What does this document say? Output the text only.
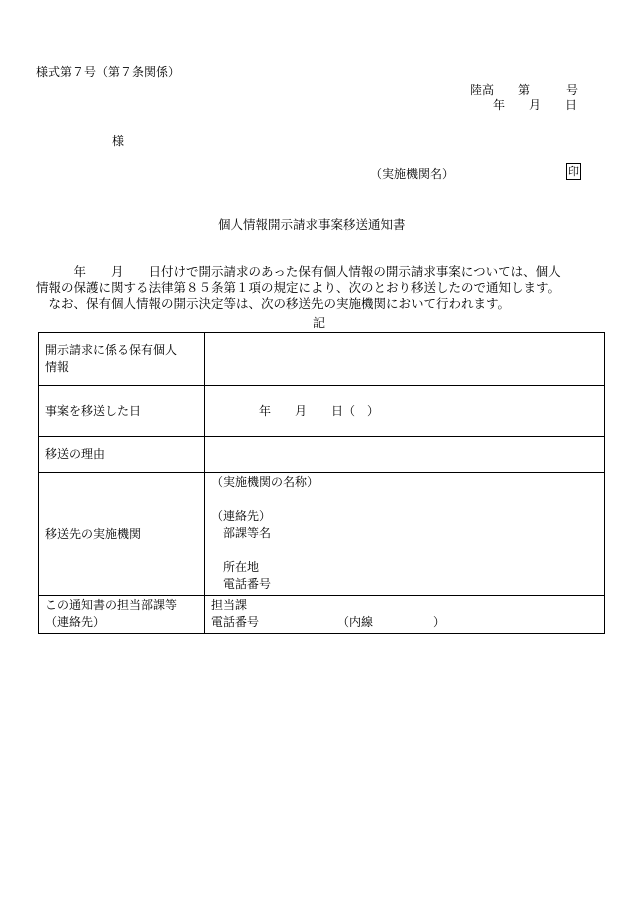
様式第７号（第７条関係）
陸高　　第　　　号
年　　月　　日
様
（実施機関名）	印
個人情報開示請求事案移送通知書

　　　年　　月　　日付けで開示請求のあった保有個人情報の開示請求事案については、個人

情報の保護に関する法律第８５条第１項の規定により、次のとおり移送したので通知します。

　なお、保有個人情報の開示決定等は、次の移送先の実施機関において行われます。

記
開示請求に係る保有個人
情報	

事案を移送した日	　　　　年　　月　　日（　）
移送の理由	
移送先の実施機関	（実施機関の名称）

（連絡先）
　部課等名

　所在地
　電話番号

この通知書の担当部課等
（連絡先）	担当課
電話番号　　　　　　　（内線　　　　　）
